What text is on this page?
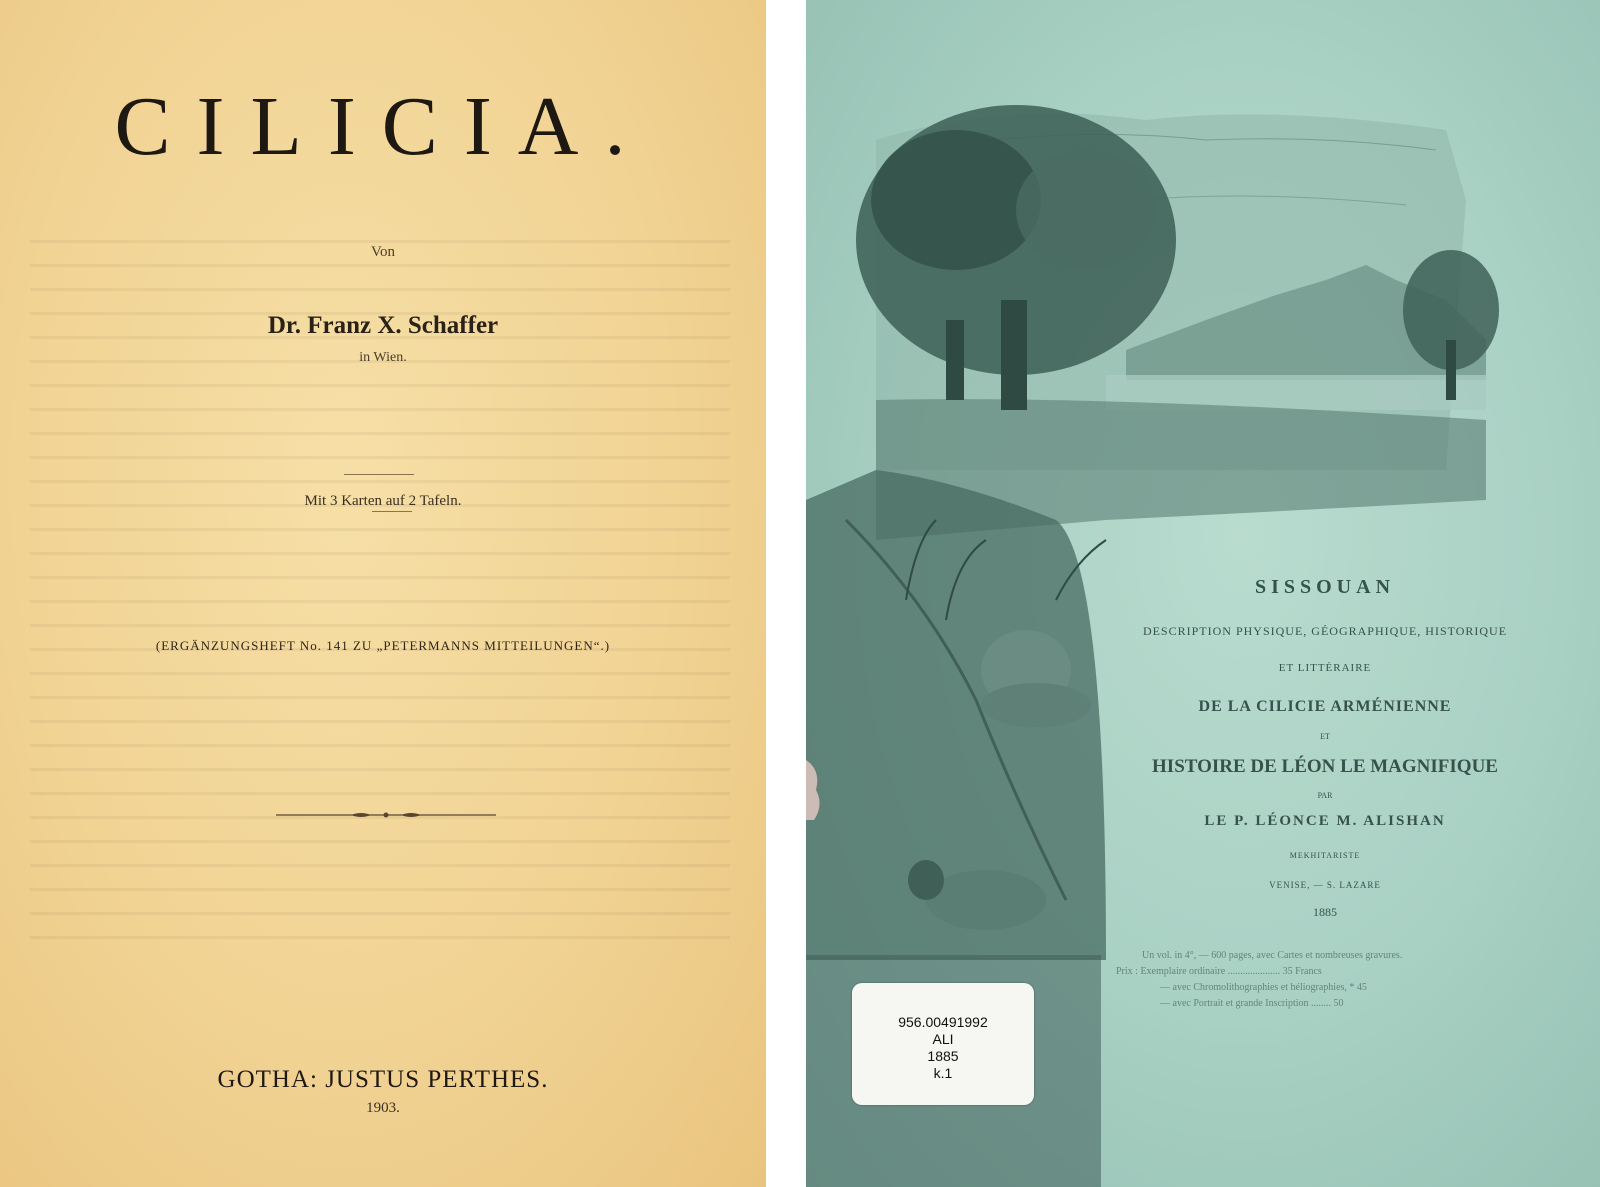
CILICIA.
Von
Dr. Franz X. Schaffer
in Wien.
Mit 3 Karten auf 2 Tafeln.
(ERGÄNZUNGSHEFT No. 141 ZU „PETERMANNS MITTEILUNGEN“.)
GOTHA: JUSTUS PERTHES.
1903.
SISSOUAN
DESCRIPTION PHYSIQUE, GÉOGRAPHIQUE, HISTORIQUE
ET LITTÉRAIRE
DE LA CILICIE ARMÉNIENNE
ET
HISTOIRE DE LÉON LE MAGNIFIQUE
PAR
LE P. LÉONCE M. ALISHAN
MEKHITARISTE
VENISE, — S. LAZARE
1885
Un vol. in 4°, — 600 pages, avec Cartes et nombreuses gravures.
Prix : Exemplaire ordinaire ..................... 35 Francs
— avec Chromolithographies et héliographies, * 45
— avec Portrait et grande Inscription ........ 50
956.00491992
ALI
1885
k.1
